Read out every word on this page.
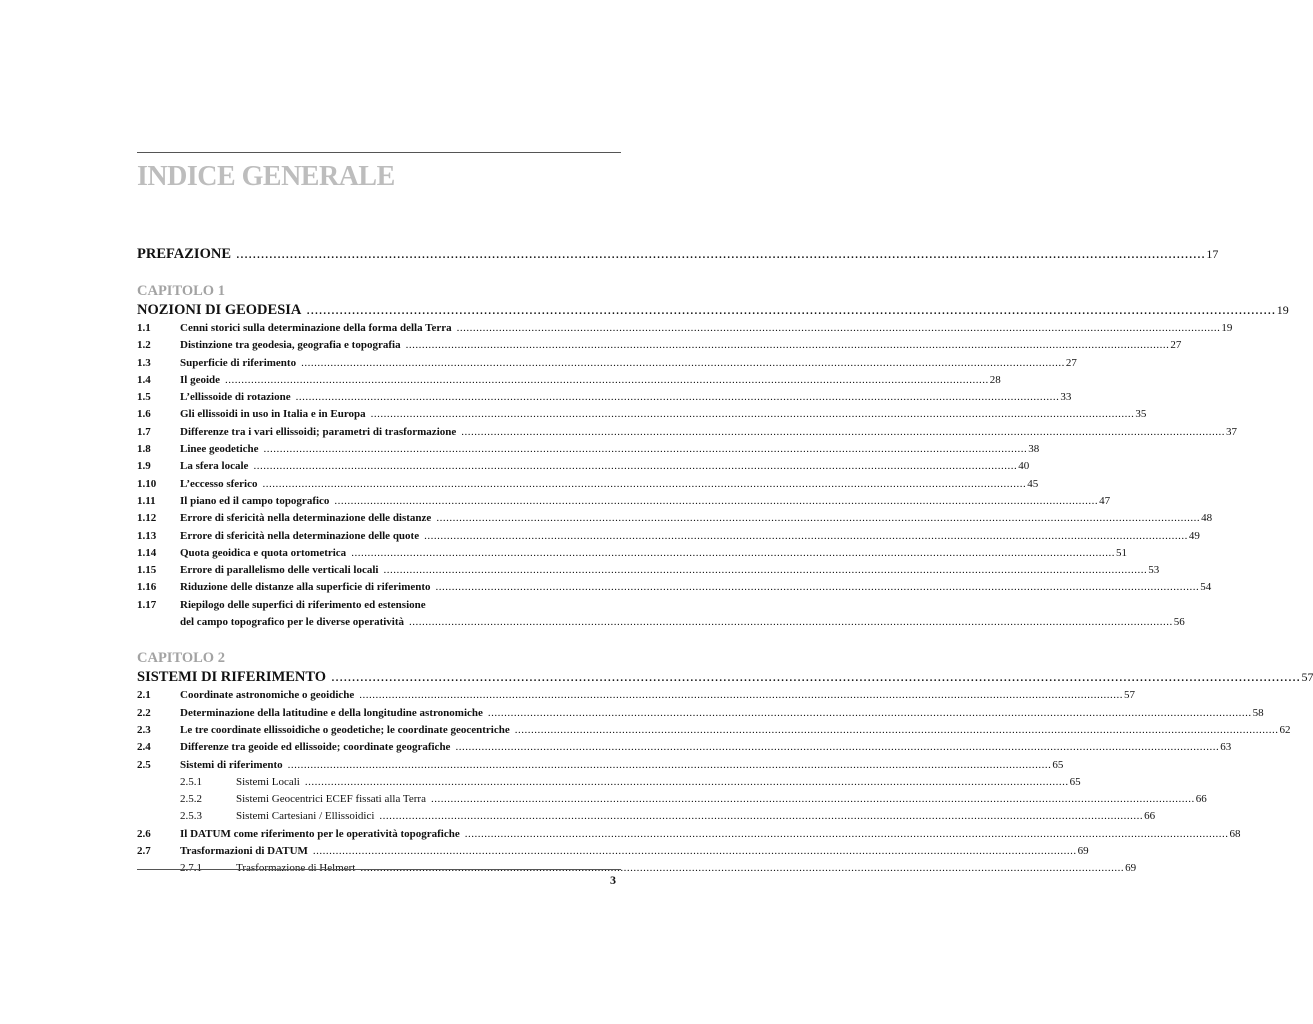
INDICE GENERALE
PREFAZIONE .....	17
CAPITOLO 1
NOZIONI DI GEODESIA .....	19
1.1	Cenni storici sulla determinazione della forma della Terra .....	19
1.2	Distinzione tra geodesia, geografia e topografia .....	27
1.3	Superficie di riferimento .....	27
1.4	Il geoide .....	28
1.5	L’ellissoide di rotazione .....	33
1.6	Gli ellissoidi in uso in Italia e in Europa .....	35
1.7	Differenze tra i vari ellissoidi; parametri di trasformazione .....	37
1.8	Linee geodetiche .....	38
1.9	La sfera locale .....	40
1.10	L’eccesso sferico .....	45
1.11	Il piano ed il campo topografico .....	47
1.12	Errore di sfericità nella determinazione delle distanze .....	48
1.13	Errore di sfericità nella determinazione delle quote .....	49
1.14	Quota geoidica e quota ortometrica .....	51
1.15	Errore di parallelismo delle verticali locali .....	53
1.16	Riduzione delle distanze alla superficie di riferimento .....	54
1.17	Riepilogo delle superfici di riferimento ed estensione
del campo topografico per le diverse operatività .....	56
CAPITOLO 2
SISTEMI DI RIFERIMENTO .....	57
2.1	Coordinate astronomiche o geoidiche .....	57
2.2	Determinazione della latitudine e della longitudine astronomiche .....	58
2.3	Le tre coordinate ellissoidiche o geodetiche; le coordinate geocentriche .....	62
2.4	Differenze tra geoide ed ellissoide; coordinate geografiche .....	63
2.5	Sistemi di riferimento .....	65
2.5.1	Sistemi Locali .....	65
2.5.2	Sistemi Geocentrici ECEF fissati alla Terra .....	66
2.5.3	Sistemi Cartesiani / Ellissoidici .....	66
2.6	Il DATUM come riferimento per le operatività topografiche .....	68
2.7	Trasformazioni di DATUM .....	69
2.7.1	Trasformazione di Helmert .....	69
3
